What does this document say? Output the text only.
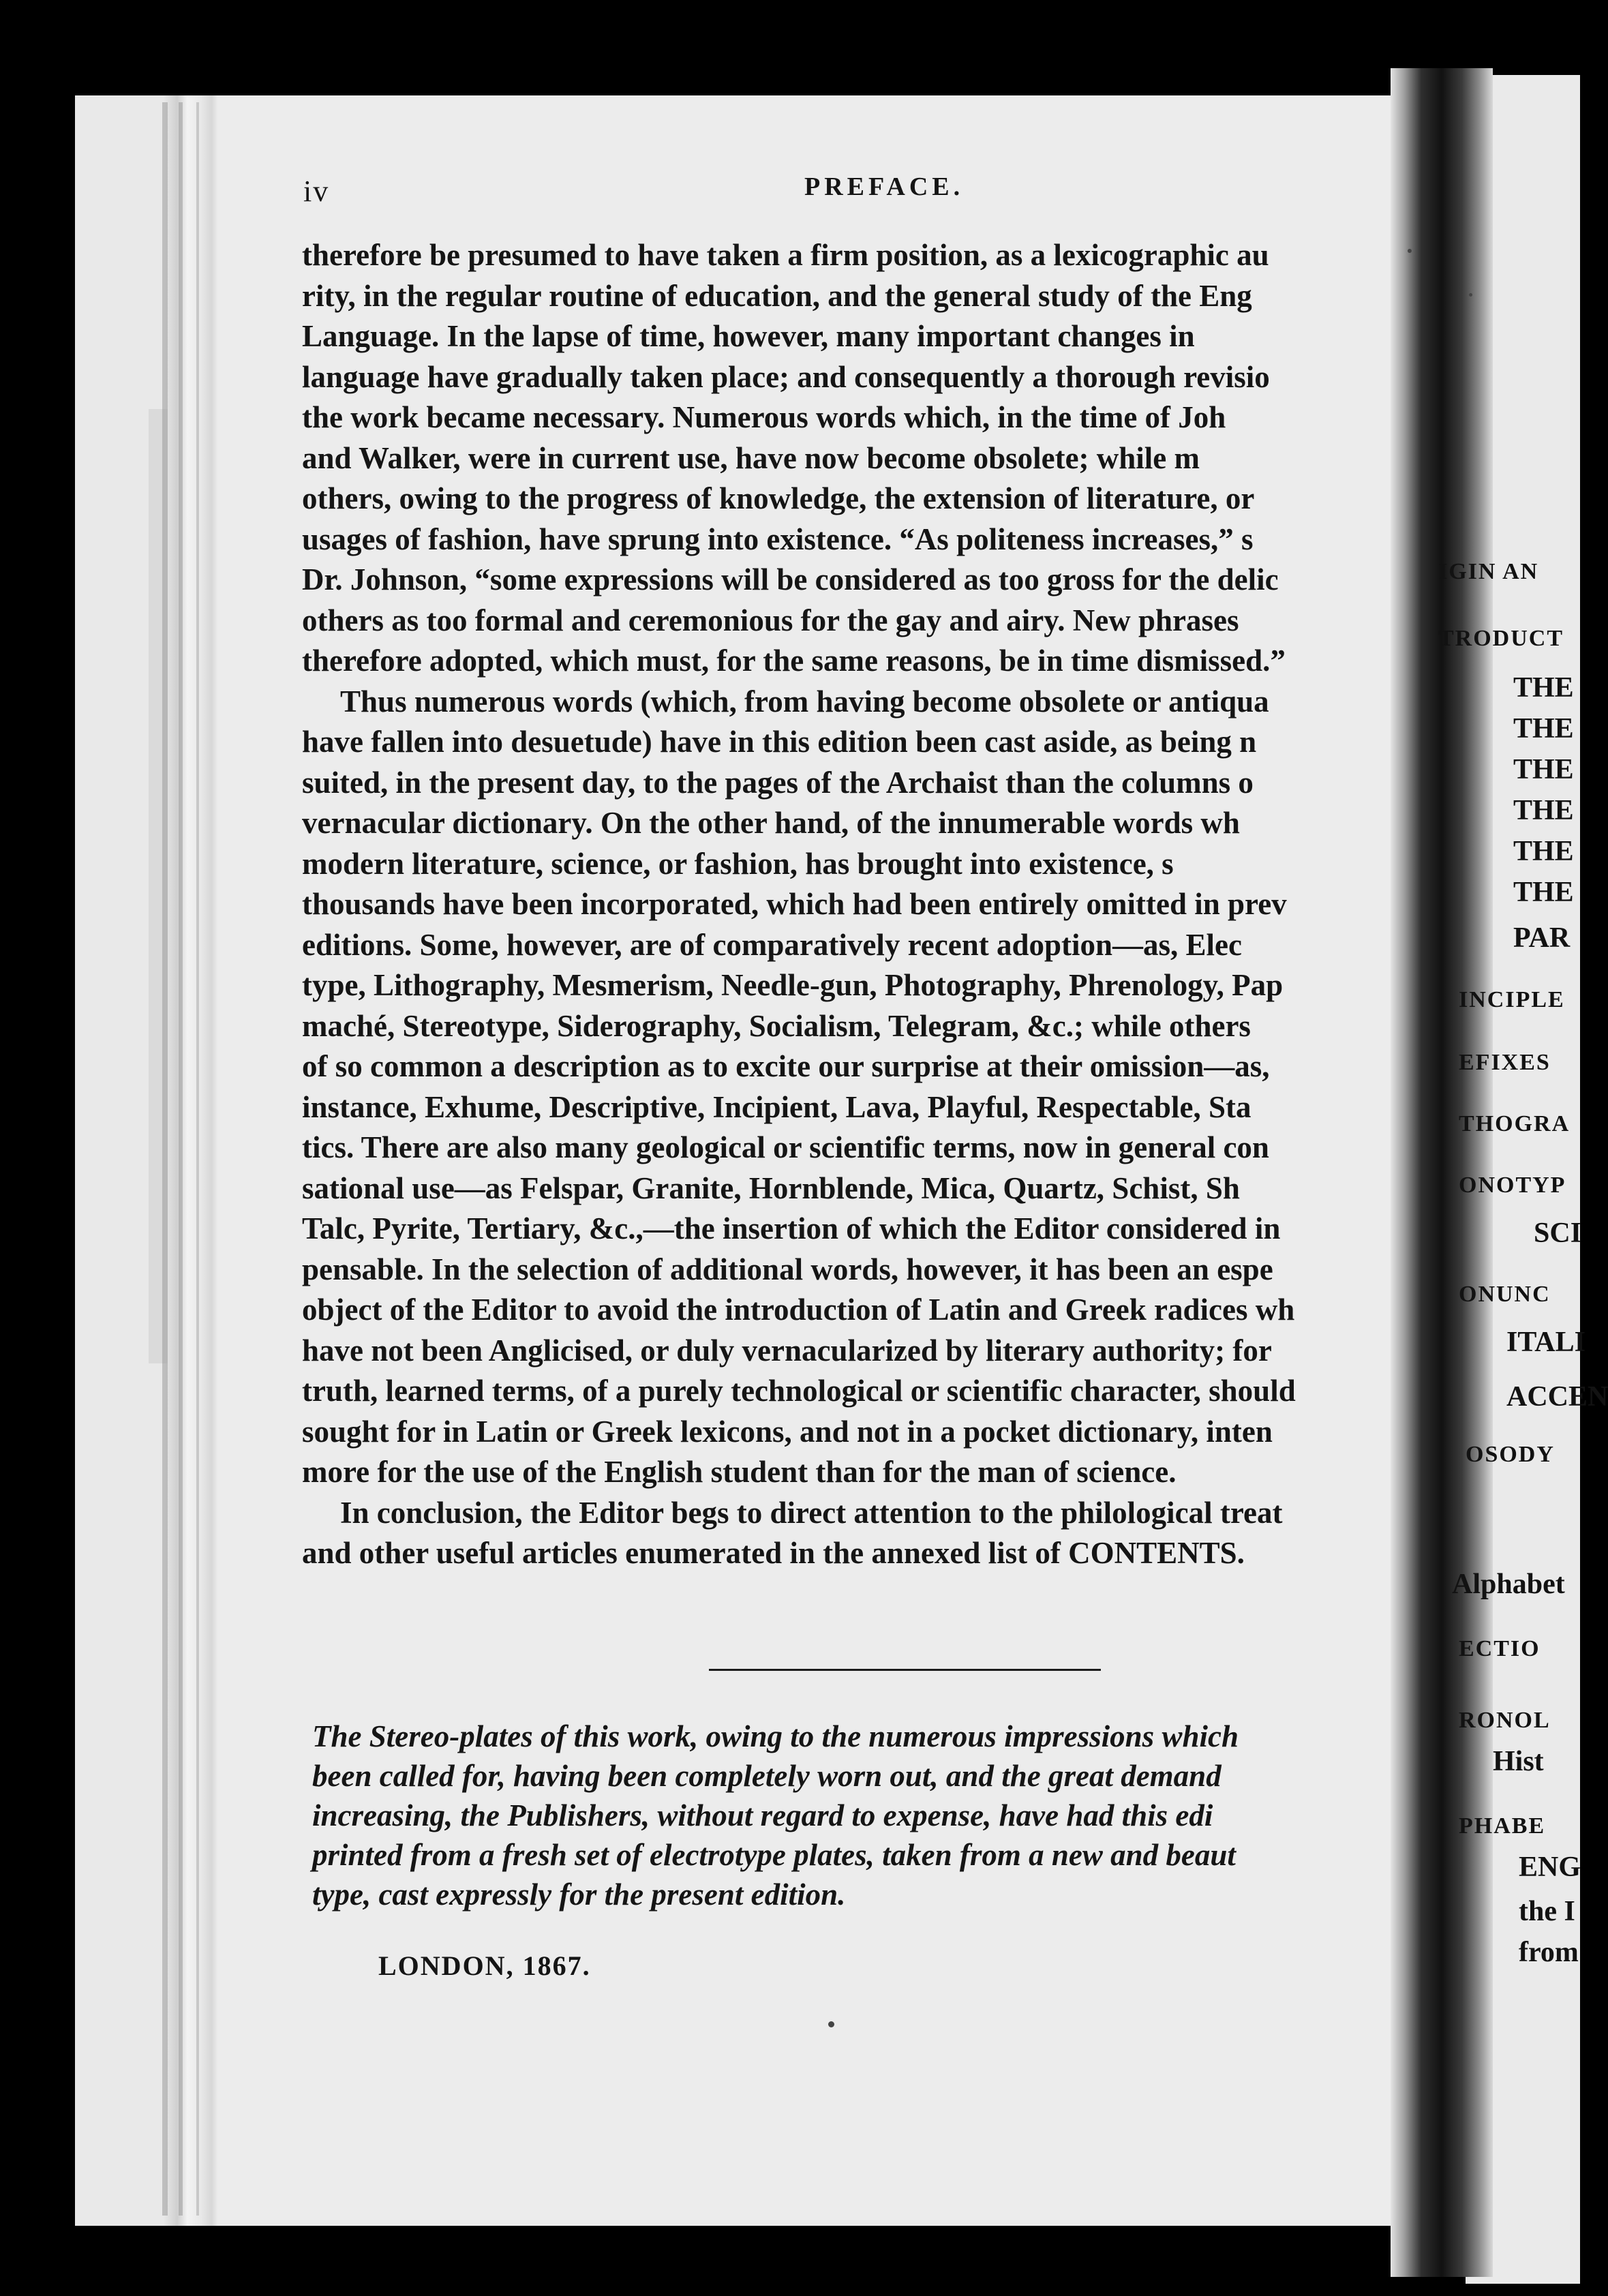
iv	PREFACE.
therefore be presumed to have taken a firm position, as a lexicographic au
rity, in the regular routine of education, and the general study of the Eng
Language. In the lapse of time, however, many important changes in
language have gradually taken place; and consequently a thorough revisio
the work became necessary. Numerous words which, in the time of Joh
and Walker, were in current use, have now become obsolete; while m
others, owing to the progress of knowledge, the extension of literature, or
usages of fashion, have sprung into existence. “As politeness increases,” s
Dr. Johnson, “some expressions will be considered as too gross for the delic
others as too formal and ceremonious for the gay and airy. New phrases
therefore adopted, which must, for the same reasons, be in time dismissed.”
Thus numerous words (which, from having become obsolete or antiqua
have fallen into desuetude) have in this edition been cast aside, as being n
suited, in the present day, to the pages of the Archaist than the columns o
vernacular dictionary. On the other hand, of the innumerable words wh
modern literature, science, or fashion, has brought into existence, s
thousands have been incorporated, which had been entirely omitted in prev
editions. Some, however, are of comparatively recent adoption—as, Elec
type, Lithography, Mesmerism, Needle-gun, Photography, Phrenology, Pap
maché, Stereotype, Siderography, Socialism, Telegram, &c.; while others
of so common a description as to excite our surprise at their omission—as,
instance, Exhume, Descriptive, Incipient, Lava, Playful, Respectable, Sta
tics. There are also many geological or scientific terms, now in general con
sational use—as Felspar, Granite, Hornblende, Mica, Quartz, Schist, Sh
Talc, Pyrite, Tertiary, &c.,—the insertion of which the Editor considered in
pensable. In the selection of additional words, however, it has been an espe
object of the Editor to avoid the introduction of Latin and Greek radices wh
have not been Anglicised, or duly vernacularized by literary authority; for
truth, learned terms, of a purely technological or scientific character, should
sought for in Latin or Greek lexicons, and not in a pocket dictionary, inten
more for the use of the English student than for the man of science.
In conclusion, the Editor begs to direct attention to the philological treat
and other useful articles enumerated in the annexed list of CONTENTS.
The Stereo-plates of this work, owing to the numerous impressions which
been called for, having been completely worn out, and the great demand
increasing, the Publishers, without regard to expense, have had this edi
printed from a fresh set of electrotype plates, taken from a new and beaut
type, cast expressly for the present edition.

LONDON, 1867.
IGIN AN
TRODUCT
THE
THE
THE
THE
THE
THE
PAR
INCIPLE
EFIXES
THOGRA
ONOTYP
SCI
ONUNC
ITALI
ACCEN
OSODY
Alphabet
ECTIO
RONOL
Hist
PHABE
ENG
the I
from
